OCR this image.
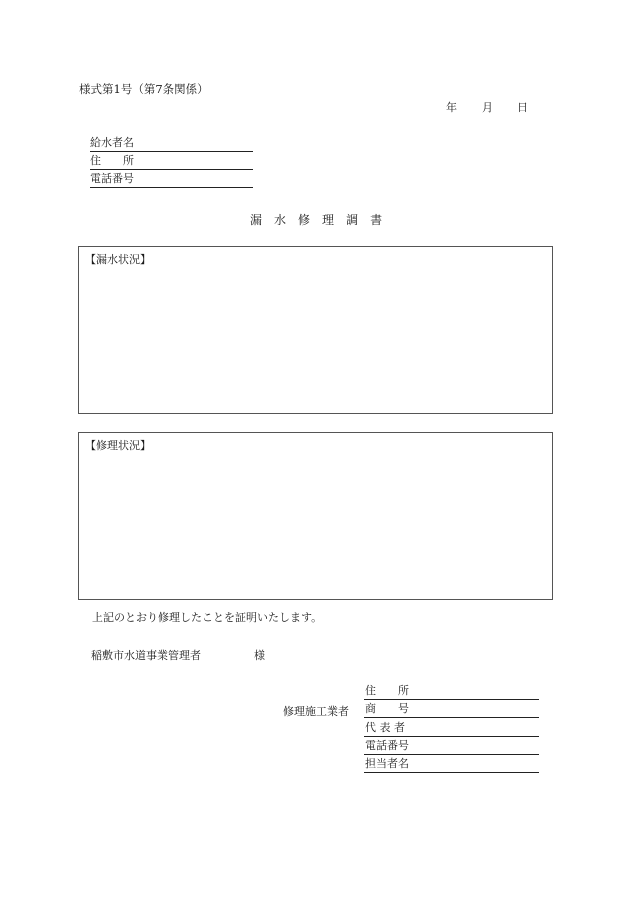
様式第1号（第7条関係）
年 月 日
給水者名
住　　所
電話番号
漏 水 修 理 調 書
【漏水状況】
【修理状況】
上記のとおり修理したことを証明いたします。
稲敷市水道事業管理者	様
修理施工業者
住　　所
商　　号
代 表 者
電話番号
担当者名
